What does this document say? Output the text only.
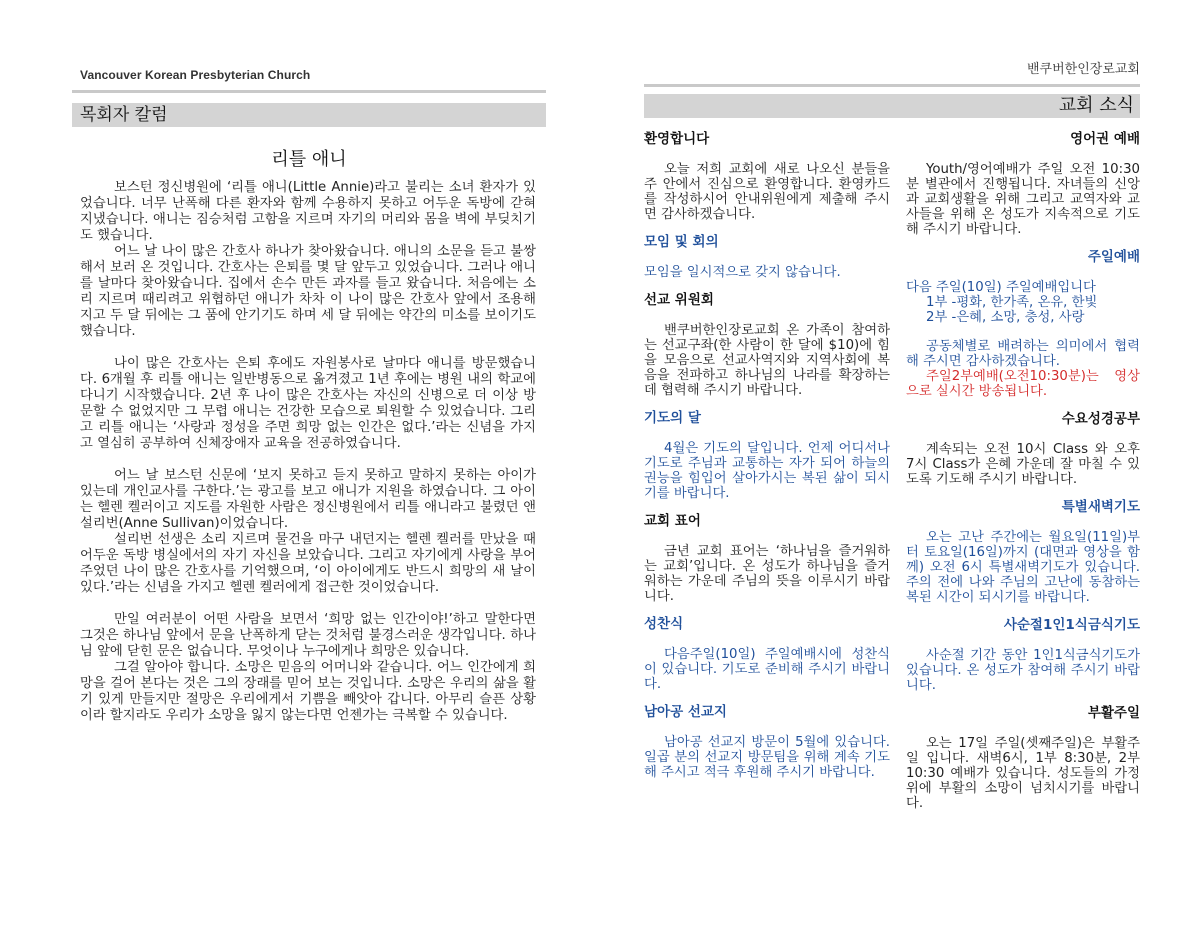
Vancouver Korean Presbyterian Church
목회자 칼럼
리틀 애니

보스턴 정신병원에 ‘리틀 애니(Little Annie)라고 불리는 소녀 환자가 있었습니다. 너무 난폭해 다른 환자와 함께 수용하지 못하고 어두운 독방에 갇혀 지냈습니다. 애니는 짐승처럼 고함을 지르며 자기의 머리와 몸을 벽에 부딪치기도 했습니다.

어느 날 나이 많은 간호사 하나가 찾아왔습니다. 애니의 소문을 듣고 불쌍해서 보러 온 것입니다. 간호사는 은퇴를 몇 달 앞두고 있었습니다. 그러나 애니를 날마다 찾아왔습니다. 집에서 손수 만든 과자를 들고 왔습니다. 처음에는 소리 지르며 때리려고 위협하던 애니가 차차 이 나이 많은 간호사 앞에서 조용해지고 두 달 뒤에는 그 품에 안기기도 하며 세 달 뒤에는 약간의 미소를 보이기도 했습니다.

나이 많은 간호사는 은퇴 후에도 자원봉사로 날마다 애니를 방문했습니다. 6개월 후 리틀 애니는 일반병동으로 옮겨졌고 1년 후에는 병원 내의 학교에 다니기 시작했습니다. 2년 후 나이 많은 간호사는 자신의 신병으로 더 이상 방문할 수 없었지만 그 무렵 애니는 건강한 모습으로 퇴원할 수 있었습니다. 그리고 리틀 애니는 ‘사랑과 정성을 주면 희망 없는 인간은 없다.’라는 신념을 가지고 열심히 공부하여 신체장애자 교육을 전공하였습니다.

어느 날 보스턴 신문에 ‘보지 못하고 듣지 못하고 말하지 못하는 아이가 있는데 개인교사를 구한다.’는 광고를 보고 애니가 지원을 하였습니다. 그 아이는 헬렌 켈러이고 지도를 자원한 사람은 정신병원에서 리틀 애니라고 불렸던 앤 설리번(Anne Sullivan)이었습니다.

설리번 선생은 소리 지르며 물건을 마구 내던지는 헬렌 켈러를 만났을 때 어두운 독방 병실에서의 자기 자신을 보았습니다. 그리고 자기에게 사랑을 부어 주었던 나이 많은 간호사를 기억했으며, ‘이 아이에게도 반드시 희망의 새 날이 있다.’라는 신념을 가지고 헬렌 켈러에게 접근한 것이었습니다.

만일 여러분이 어떤 사람을 보면서 ‘희망 없는 인간이야!’하고 말한다면 그것은 하나님 앞에서 문을 난폭하게 닫는 것처럼 불경스러운 생각입니다. 하나님 앞에 닫힌 문은 없습니다. 무엇이나 누구에게나 희망은 있습니다.

그걸 알아야 합니다. 소망은 믿음의 어머니와 같습니다. 어느 인간에게 희망을 걸어 본다는 것은 그의 장래를 믿어 보는 것입니다. 소망은 우리의 삶을 활기 있게 만들지만 절망은 우리에게서 기쁨을 빼앗아 갑니다. 아무리 슬픈 상황이라 할지라도 우리가 소망을 잃지 않는다면 언젠가는 극복할 수 있습니다.

밴쿠버한인장로교회
교회 소식
환영합니다

오늘 저희 교회에 새로 나오신 분들을 주 안에서 진심으로 환영합니다. 환영카드를 작성하시어 안내위원에게 제출해 주시면 감사하겠습니다.

모임 및 회의

모임을 일시적으로 갖지 않습니다.

선교 위원회

밴쿠버한인장로교회 온 가족이 참여하는 선교구좌(한 사람이 한 달에 $10)에 힘을 모음으로 선교사역지와 지역사회에 복음을 전파하고 하나님의 나라를 확장하는데 협력해 주시기 바랍니다.

기도의 달

4월은 기도의 달입니다. 언제 어디서나 기도로 주님과 교통하는 자가 되어 하늘의 권능을 힘입어 살아가시는 복된 삶이 되시기를 바랍니다.

교회 표어

금년 교회 표어는 ‘하나님을 즐거워하는 교회’입니다. 온 성도가 하나님을 즐거워하는 가운데 주님의 뜻을 이루시기 바랍니다.

성찬식

다음주일(10일) 주일예배시에 성찬식이 있습니다. 기도로 준비해 주시기 바랍니다.

남아공 선교지

남아공 선교지 방문이 5월에 있습니다. 일곱 분의 선교지 방문팀을 위해 계속 기도해 주시고 적극 후원해 주시기 바랍니다.

영어권 예배

Youth/영어예배가 주일 오전 10:30분 별관에서 진행됩니다. 자녀들의 신앙과 교회생활을 위해 그리고 교역자와 교사들을 위해 온 성도가 지속적으로 기도해 주시기 바랍니다.

주일예배

다음 주일(10일) 주일예배입니다

1부 -평화, 한가족, 온유, 한빛

2부 -은혜, 소망, 충성, 사랑

공동체별로 배려하는 의미에서 협력해 주시면 감사하겠습니다.

주일2부예배(오전10:30분)는 영상으로 실시간 방송됩니다.

수요성경공부

계속되는 오전 10시 Class 와 오후 7시 Class가 은혜 가운데 잘 마칠 수 있도록 기도해 주시기 바랍니다.

특별새벽기도

오는 고난 주간에는 월요일(11일)부터 토요일(16일)까지 (대면과 영상을 함께) 오전 6시 특별새벽기도가 있습니다. 주의 전에 나와 주님의 고난에 동참하는 복된 시간이 되시기를 바랍니다.

사순절1인1식금식기도

사순절 기간 동안 1인1식금식기도가 있습니다. 온 성도가 참여해 주시기 바랍니다.

부활주일

오는 17일 주일(셋째주일)은 부활주일 입니다. 새벽6시, 1부 8:30분, 2부 10:30 예배가 있습니다. 성도들의 가정 위에 부활의 소망이 넘치시기를 바랍니다.
